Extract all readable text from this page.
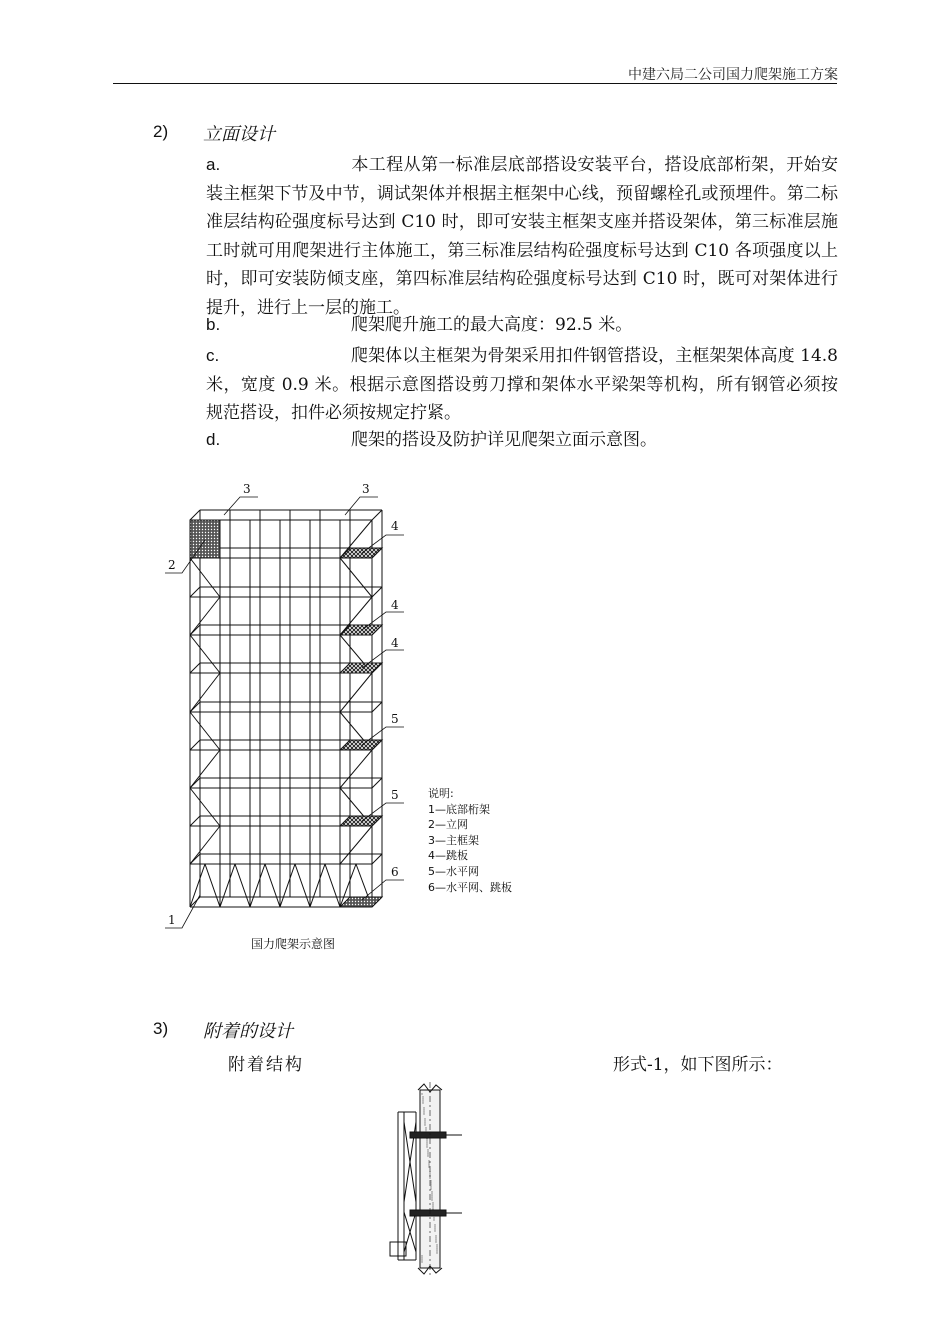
中建六局二公司国力爬架施工方案
2) 立面设计
a.	本工程从第一标准层底部搭设安装平台，搭设底部桁架，开始安装主框架下节及中节，调试架体并根据主框架中心线，预留螺栓孔或预埋件。第二标准层结构砼强度标号达到 C10 时，即可安装主框架支座并搭设架体，第三标准层施工时就可用爬架进行主体施工，第三标准层结构砼强度标号达到 C10 各项强度以上时，即可安装防倾支座，第四标准层结构砼强度标号达到 C10 时，既可对架体进行提升，进行上一层的施工。
b.	爬架爬升施工的最大高度：92.5 米。
c.	爬架体以主框架为骨架采用扣件钢管搭设，主框架架体高度 14.8 米，宽度 0.9 米。根据示意图搭设剪刀撑和架体水平梁架等机构，所有钢管必须按规范搭设，扣件必须按规定拧紧。
d.	爬架的搭设及防护详见爬架立面示意图。
1
2
3	3
4
4
4
5
5
6
说明:
1—底部桁架
2—立网
3—主框架
4—跳板
5—水平网
6—水平网、跳板
国力爬架示意图
3) 附着的设计
附着结构	形式-1，如下图所示：
